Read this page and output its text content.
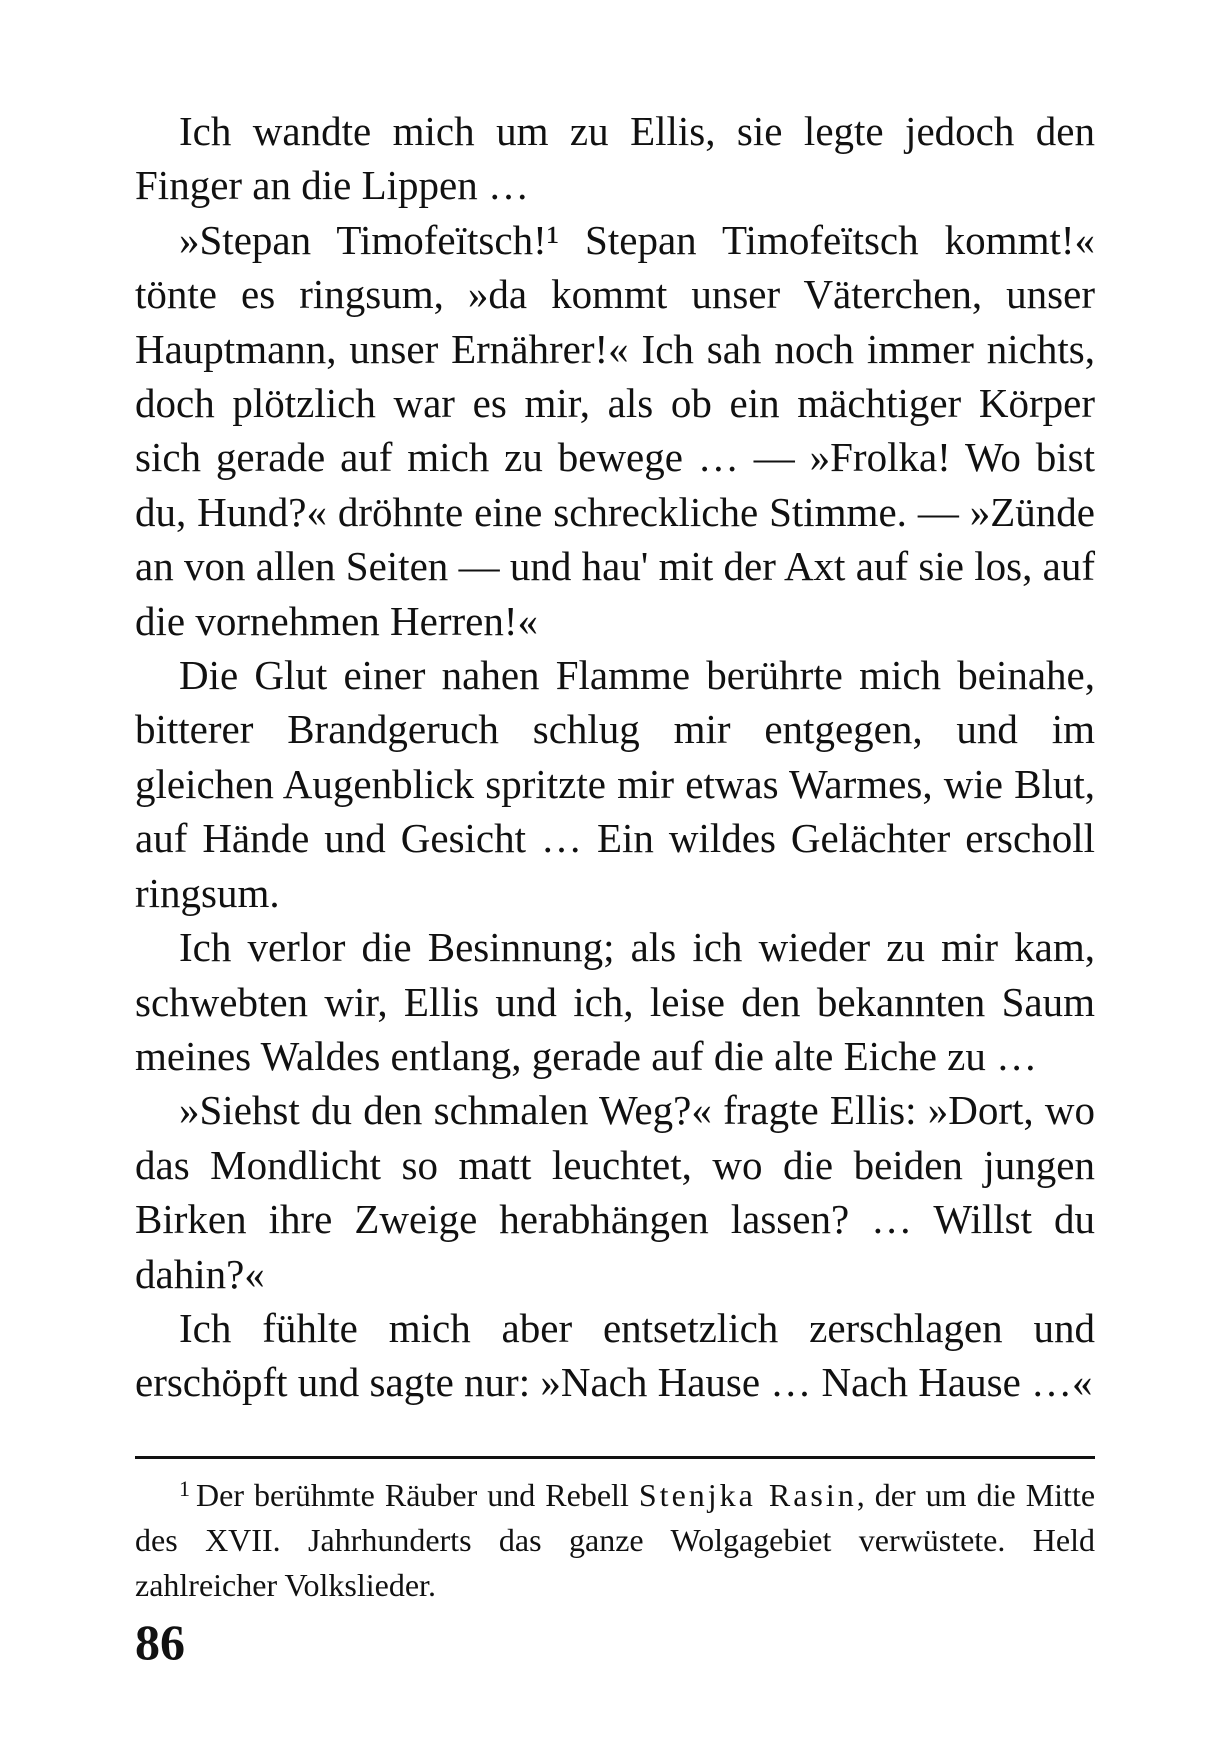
Ich wandte mich um zu Ellis, sie legte jedoch den Finger an die Lippen …

»Stepan Timofeïtsch!¹ Stepan Timofeïtsch kommt!« tönte es ringsum, »da kommt unser Väterchen, unser Hauptmann, unser Ernährer!« Ich sah noch immer nichts, doch plötzlich war es mir, als ob ein mächtiger Körper sich gerade auf mich zu bewege … — »Frolka! Wo bist du, Hund?« dröhnte eine schreckliche Stimme. — »Zünde an von allen Seiten — und hau' mit der Axt auf sie los, auf die vornehmen Herren!«

Die Glut einer nahen Flamme berührte mich beinahe, bitterer Brandgeruch schlug mir entgegen, und im gleichen Augenblick spritzte mir etwas Warmes, wie Blut, auf Hände und Gesicht … Ein wildes Gelächter erscholl ringsum.

Ich verlor die Besinnung; als ich wieder zu mir kam, schwebten wir, Ellis und ich, leise den bekannten Saum meines Waldes entlang, gerade auf die alte Eiche zu …

»Siehst du den schmalen Weg?« fragte Ellis: »Dort, wo das Mondlicht so matt leuchtet, wo die beiden jungen Birken ihre Zweige herabhängen lassen? … Willst du dahin?«

Ich fühlte mich aber entsetzlich zerschlagen und erschöpft und sagte nur: »Nach Hause … Nach Hause …«

$^1$ Der berühmte Räuber und Rebell Stenjka Rasin, der um die Mitte des XVII. Jahrhunderts das ganze Wolgagebiet verwüstete. Held zahlreicher Volkslieder.

86
